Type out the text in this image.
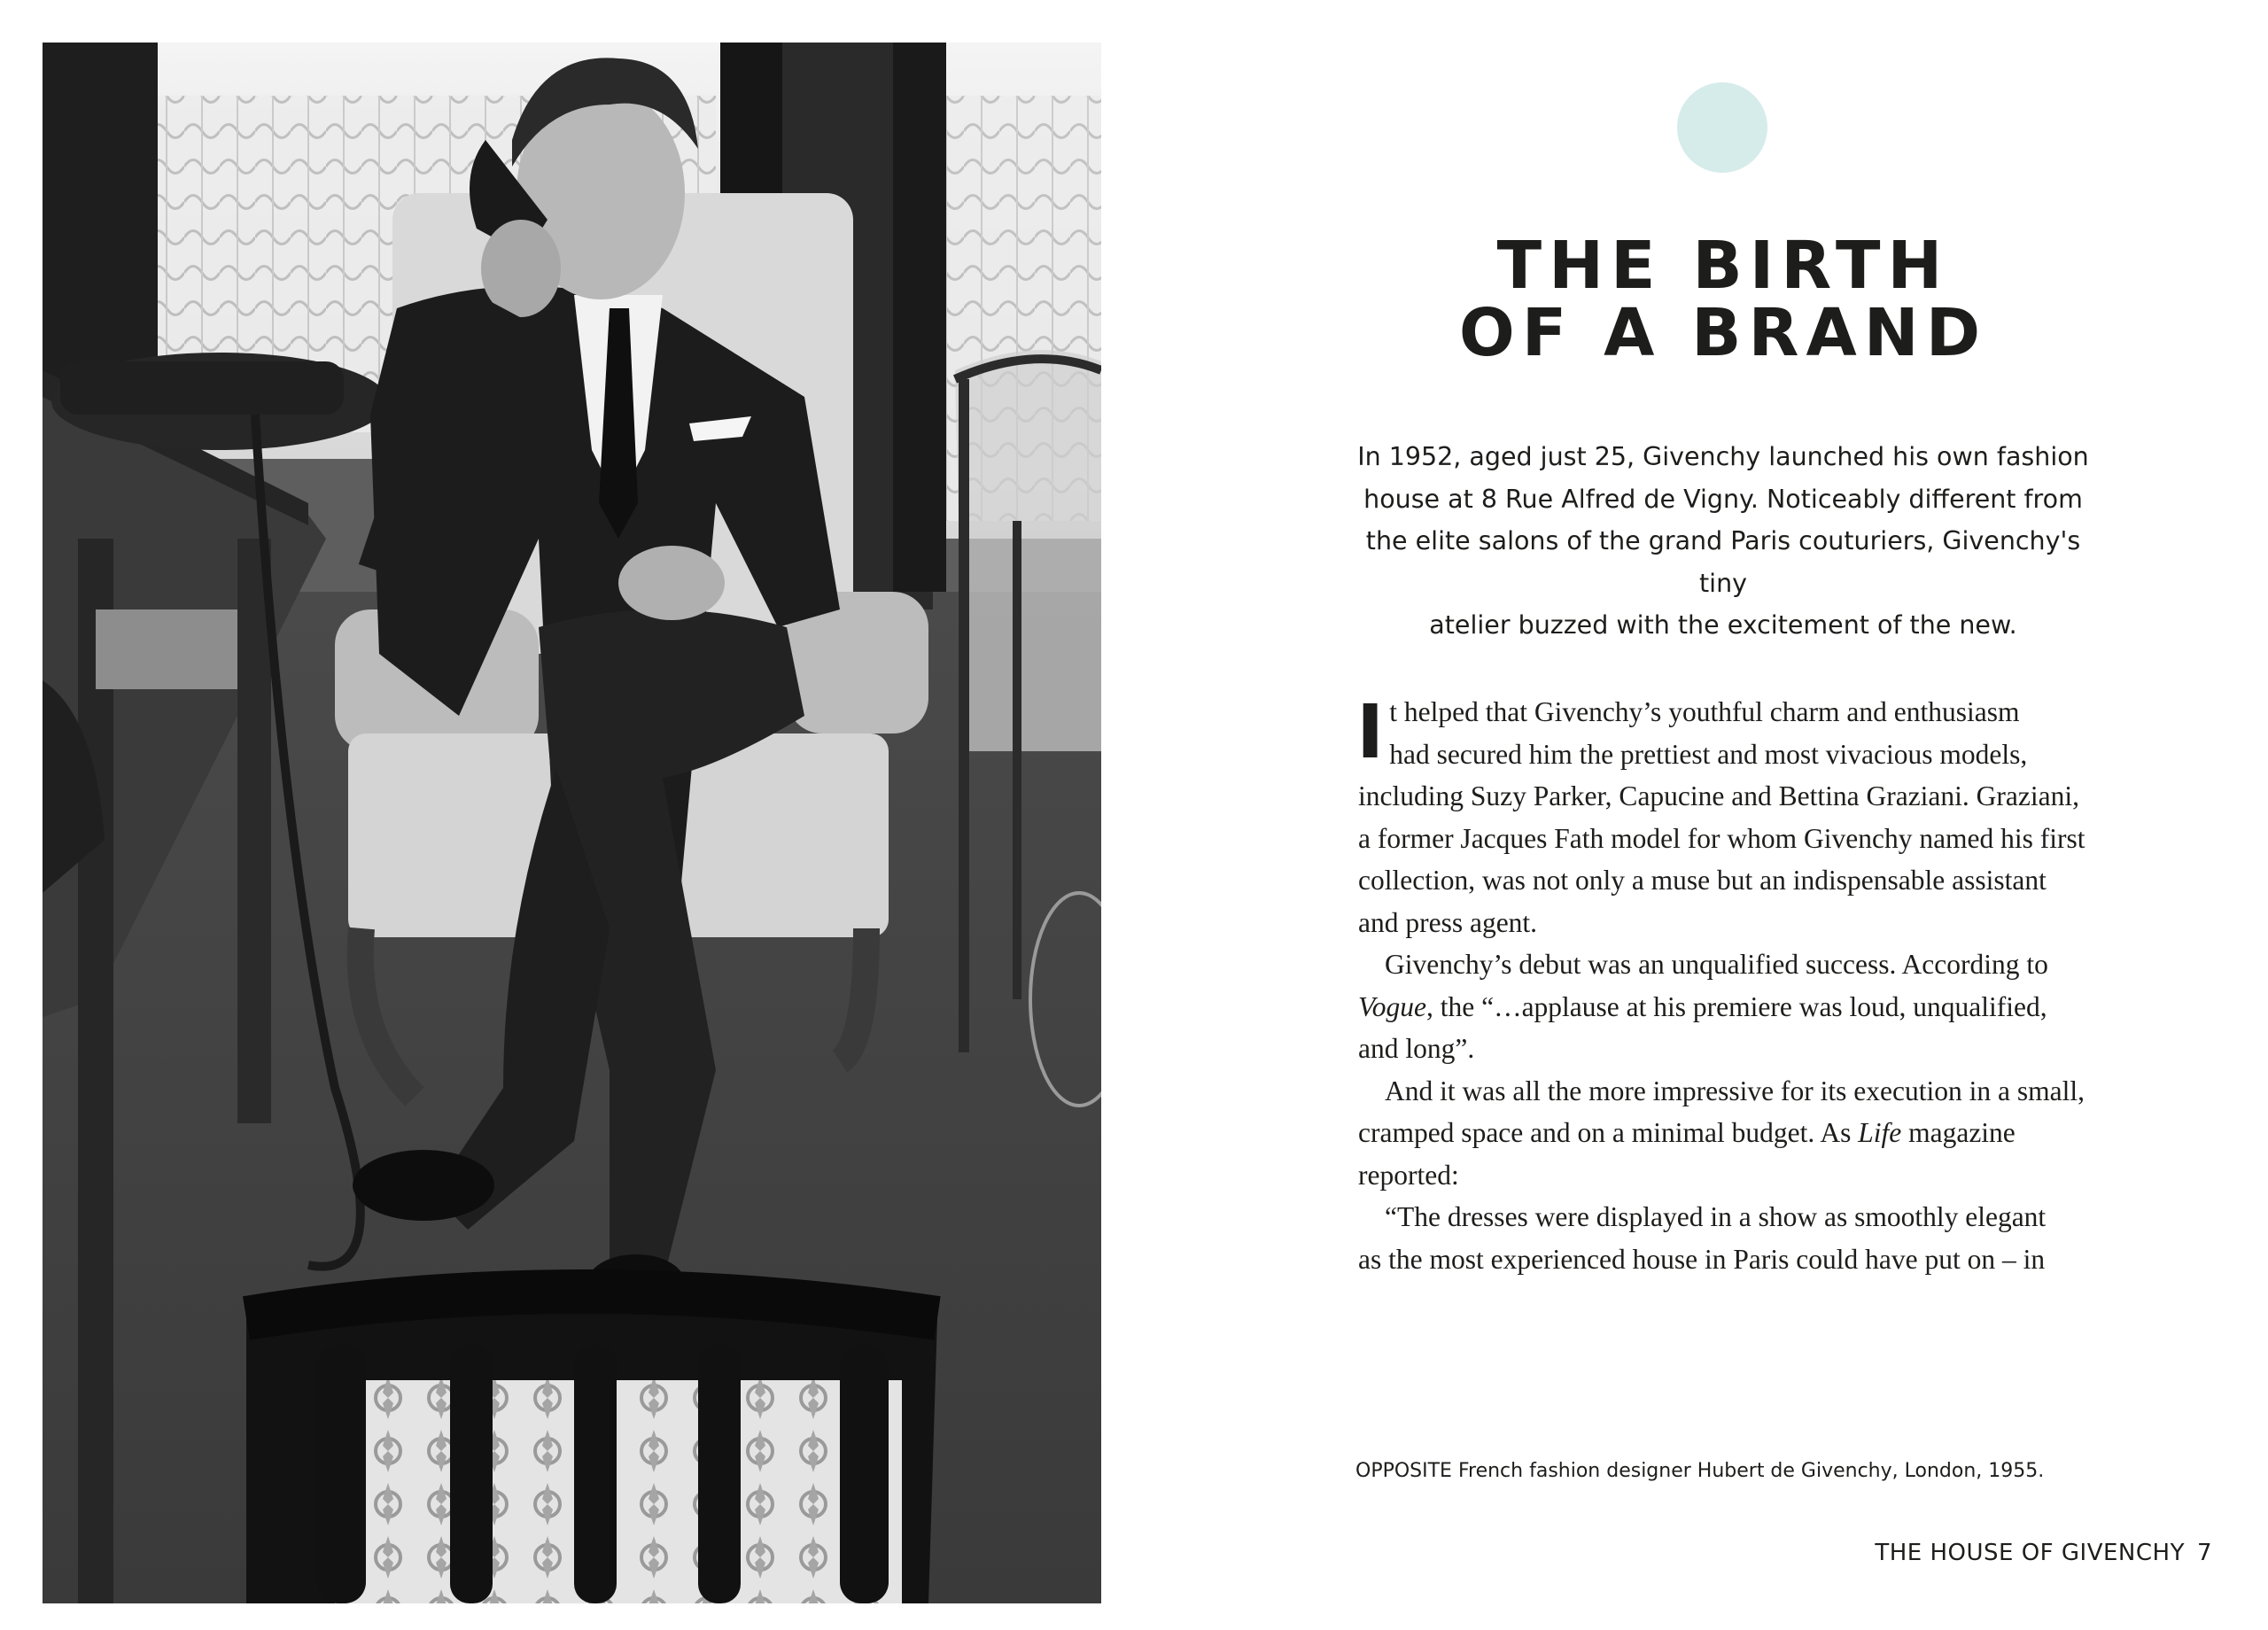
THE BIRTH
OF A BRAND

In 1952, aged just 25, Givenchy launched his own fashion
house at 8 Rue Alfred de Vigny. Noticeably different from
the elite salons of the grand Paris couturiers, Givenchy's tiny
atelier buzzed with the excitement of the new.

I t helped that Givenchy’s youthful charm and enthusiasm

had secured him the prettiest and most vivacious models,

including Suzy Parker, Capucine and Bettina Graziani. Graziani,

a former Jacques Fath model for whom Givenchy named his first

collection, was not only a muse but an indispensable assistant

and press agent.

Givenchy’s debut was an unqualified success. According to

Vogue, the “…applause at his premiere was loud, unqualified,

and long”.

And it was all the more impressive for its execution in a small,

cramped space and on a minimal budget. As Life magazine

reported:

“The dresses were displayed in a show as smoothly elegant

as the most experienced house in Paris could have put on – in

OPPOSITE French fashion designer Hubert de Givenchy, London, 1955.

THE HOUSE OF GIVENCHY 7
